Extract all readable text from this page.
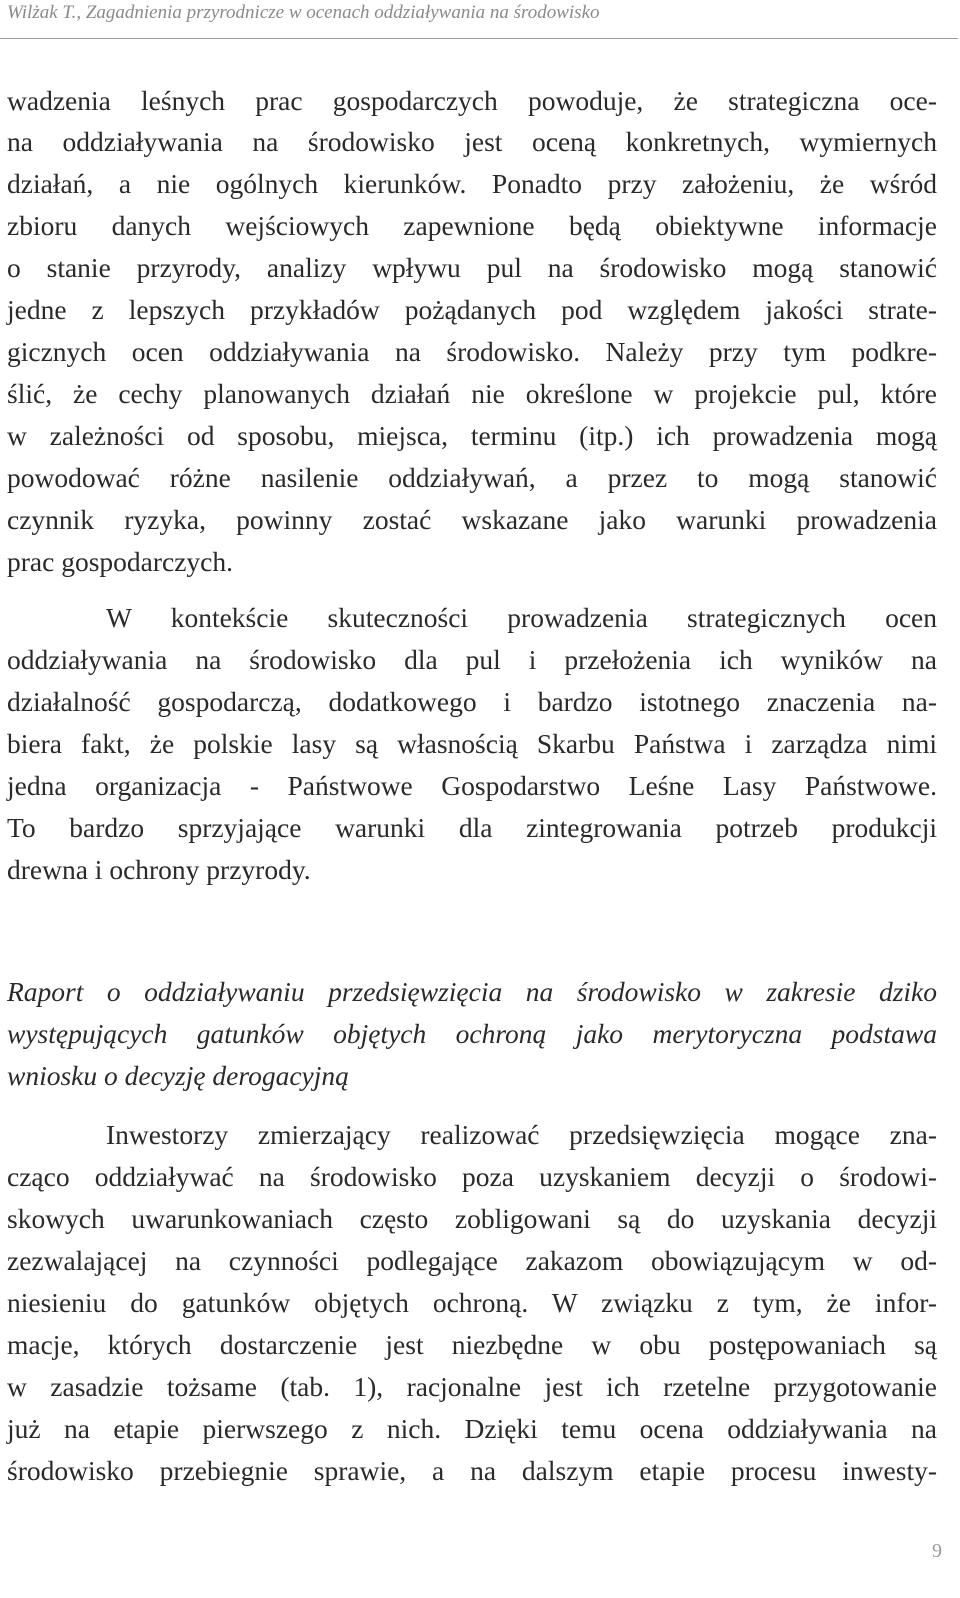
Wilżak T., Zagadnienia przyrodnicze w ocenach oddziaływania na środowisko
wadzenia leśnych prac gospodarczych powoduje, że strategiczna oce-
na oddziaływania na środowisko jest oceną konkretnych, wymiernych
działań, a nie ogólnych kierunków. Ponadto przy założeniu, że wśród
zbioru danych wejściowych zapewnione będą obiektywne informacje
o stanie przyrody, analizy wpływu pul na środowisko mogą stanowić
jedne z lepszych przykładów pożądanych pod względem jakości strate-
gicznych ocen oddziaływania na środowisko. Należy przy tym podkre-
ślić, że cechy planowanych działań nie określone w projekcie pul, które
w zależności od sposobu, miejsca, terminu (itp.) ich prowadzenia mogą
powodować różne nasilenie oddziaływań, a przez to mogą stanowić
czynnik ryzyka, powinny zostać wskazane jako warunki prowadzenia
prac gospodarczych.
W kontekście skuteczności prowadzenia strategicznych ocen
oddziaływania na środowisko dla pul i przełożenia ich wyników na
działalność gospodarczą, dodatkowego i bardzo istotnego znaczenia na-
biera fakt, że polskie lasy są własnością Skarbu Państwa i zarządza nimi
jedna organizacja - Państwowe Gospodarstwo Leśne Lasy Państwowe.
To bardzo sprzyjające warunki dla zintegrowania potrzeb produkcji
drewna i ochrony przyrody.
Raport o oddziaływaniu przedsięwzięcia na środowisko w zakresie dziko
występujących gatunków objętych ochroną jako merytoryczna podstawa
wniosku o decyzję derogacyjną
Inwestorzy zmierzający realizować przedsięwzięcia mogące zna-
cząco oddziaływać na środowisko poza uzyskaniem decyzji o środowi-
skowych uwarunkowaniach często zobligowani są do uzyskania decyzji
zezwalającej na czynności podlegające zakazom obowiązującym w od-
niesieniu do gatunków objętych ochroną. W związku z tym, że infor-
macje, których dostarczenie jest niezbędne w obu postępowaniach są
w zasadzie tożsame (tab. 1), racjonalne jest ich rzetelne przygotowanie
już na etapie pierwszego z nich. Dzięki temu ocena oddziaływania na
środowisko przebiegnie sprawie, a na dalszym etapie procesu inwesty-
9
